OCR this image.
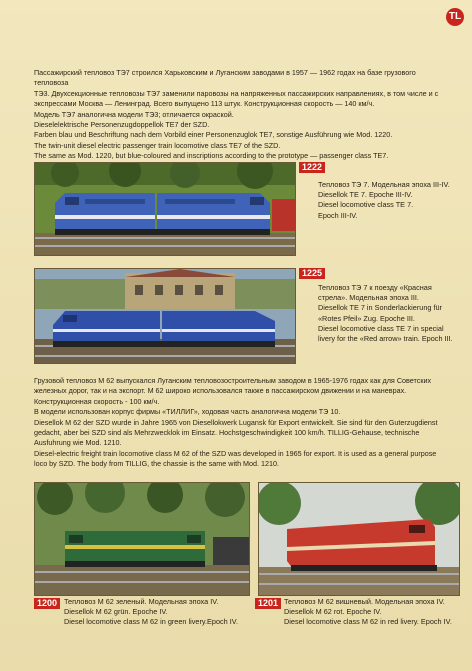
TL

Пассажирский тепловоз ТЭ7 строился Харьковским и Луганским заводами в 1957 — 1962 годах на базе грузового тепловоза

ТЭ3. Двухсекционные тепловозы ТЭ7 заменили паровозы на напряженных пассажирских направлениях, в том числе и с

экспрессами Москва — Ленинград. Всего выпущено 113 штук. Конструкционная скорость — 140 км/ч.

Модель ТЭ7 аналогична модели ТЭ3; отличается окраской.

Dieselelektrische Personenzugdoppellok TE7 der SZD.

Farben blau und Beschriftung nach dem Vorbild einer Personenzuglok TE7, sonstige Ausführung wie Mod. 1220.

The twin-unit diesel electric passenger train locomotive class TE7 of the SZD.

The same as Mod. 1220, but blue-coloured and inscriptions according to the prototype — passenger class TE7.

1222

Тепловоз ТЭ 7. Модельная эпоха III-IV.

Diesellok TE 7. Epoche III-IV.

Diesel locomotive class TE 7.

Epoch III-IV.

1225

Тепловоз ТЭ 7 к поезду «Красная

стрела». Модельная эпоха III.

Diesellok TE 7 in Sonderlackierung für

«Rotes Pfeil» Zug. Epoche III.

Diesel locomotive class TE 7 in special

livery for the «Red arrow» train. Epoch III.

Грузовой тепловоз М 62 выпускался Луганским тепловозостроительным заводом в 1965-1976 годах как для Советских

железных дорог, так и на экспорт. М 62 широко использовался также в пассажирском движении и на маневрах.

Конструкционная скорость - 100 км/ч.

В модели использован корпус фирмы «ТИЛЛИГ», ходовая часть аналогична модели ТЭ 10.

Diesellok M 62 der SZD wurde in Jahre 1965 von Diesellokwerk Lugansk für Export entwickelt. Sie sind für den Guterzugdienst

gedacht, aber bei SZD sind als Mehrzwecklok im Einsatz. Hochstgeschwindigkeit 100 km/h. TILLIG-Gehause, technische

Ausfuhrung wie Mod. 1210.

Diesel-electric freight train locomotive class M 62 of the SZD was developed in 1965 for export. It is used as a general purpose

loco by SZD. The body from TILLIG, the chassie is the same with Mod. 1210.

1200 Тепловоз М 62 зеленый. Модельная эпоха IV.

Diesellok M 62 grün. Epoche IV.

Diesel locomotive class M 62 in green livery.Epoch IV.

1201 Тепловоз М 62 вишневый. Модельная эпоха IV.

Diesellok M 62 rot. Epoche IV.

Diesel locomotive class M 62 in red livery. Epoch IV.
